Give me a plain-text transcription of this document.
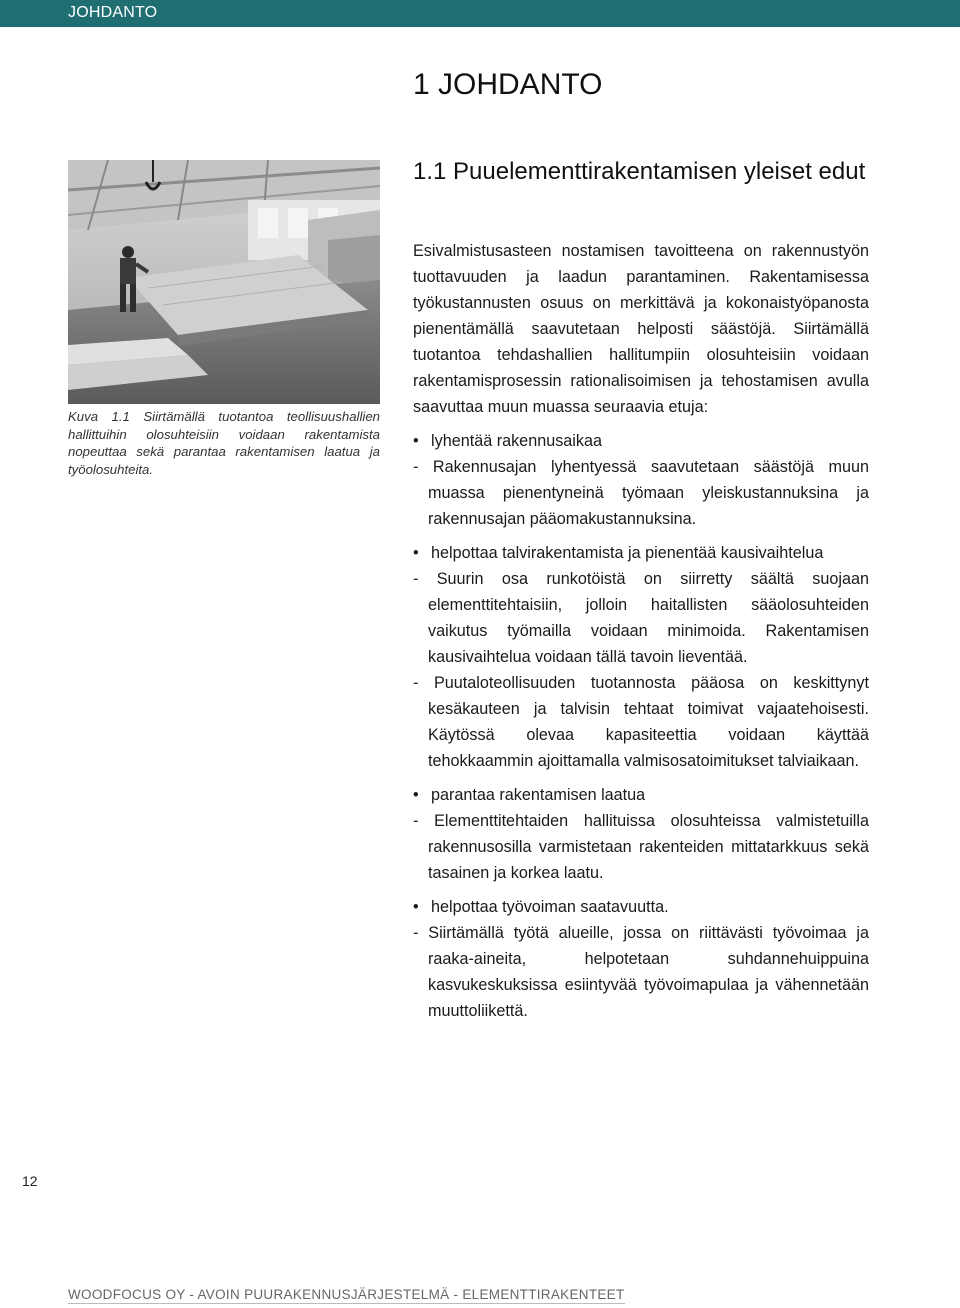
JOHDANTO
1 JOHDANTO
1.1 Puuelementtirakentamisen yleiset edut

Kuva 1.1 Siirtämällä tuotantoa teollisuushallien hallittuihin olosuhteisiin voidaan rakentamista nopeuttaa sekä parantaa rakentamisen laatua ja työolosuhteita.

Esivalmistusasteen nostamisen tavoitteena on rakennustyön tuottavuuden ja laadun parantaminen. Rakentamisessa työkustannusten osuus on merkittävä ja kokonaistyöpanosta pienentämällä saavutetaan helposti säästöjä. Siirtämällä tuotantoa tehdashallien hallitumpiin olosuhteisiin voidaan rakentamisprosessin rationalisoimisen ja tehostamisen avulla saavuttaa muun muassa seuraavia etuja:

• lyhentää rakennusaikaa

- Rakennusajan lyhentyessä saavutetaan säästöjä muun muassa pienentyneinä työmaan yleiskustannuksina ja rakennusajan pääomakustannuksina.

• helpottaa talvirakentamista ja pienentää kausivaihtelua

- Suurin osa runkotöistä on siirretty säältä suojaan elementtitehtaisiin, jolloin haitallisten sääolosuhteiden vaikutus työmailla voidaan minimoida. Rakentamisen kausivaihtelua voidaan tällä tavoin lieventää.

- Puutaloteollisuuden tuotannosta pääosa on keskittynyt kesäkauteen ja talvisin tehtaat toimivat vajaatehoisesti. Käytössä olevaa kapasiteettia voidaan käyttää tehokkaammin ajoittamalla valmisosatoimitukset talviaikaan.

• parantaa rakentamisen laatua

- Elementtitehtaiden hallituissa olosuhteissa valmistetuilla rakennusosilla varmistetaan rakenteiden mittatarkkuus sekä tasainen ja korkea laatu.

• helpottaa työvoiman saatavuutta.

- Siirtämällä työtä alueille, jossa on riittävästi työvoimaa ja raaka-aineita, helpotetaan suhdannehuippuina kasvukeskuksissa esiintyvää työvoimapulaa ja vähennetään muuttoliikettä.

12
WOODFOCUS OY - AVOIN PUURAKENNUSJÄRJESTELMÄ - ELEMENTTIRAKENTEET
